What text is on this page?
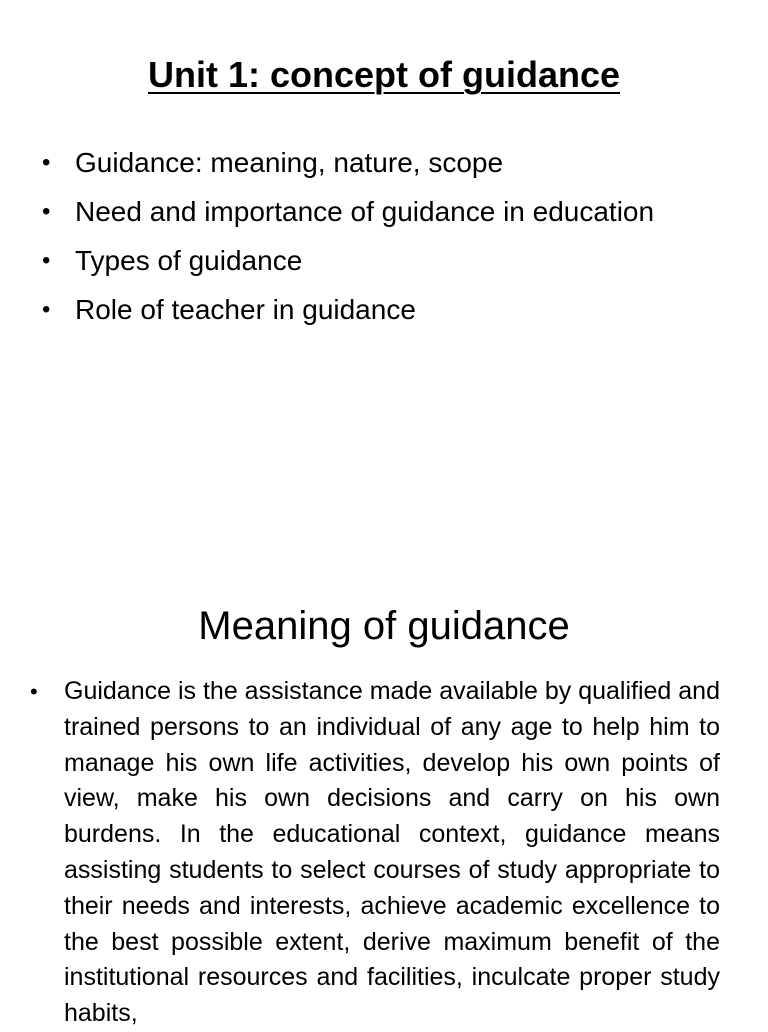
Unit 1: concept of guidance
• Guidance: meaning, nature, scope
• Need and importance of guidance in education
• Types of guidance
• Role of teacher in guidance
Meaning of guidance
• Guidance is the assistance made available by qualified and trained persons to an individual of any age to help him to manage his own life activities, develop his own points of view, make his own decisions and carry on his own burdens. In the educational context, guidance means assisting students to select courses of study appropriate to their needs and interests, achieve academic excellence to the best possible extent, derive maximum benefit of the institutional resources and facilities, inculcate proper study habits,
